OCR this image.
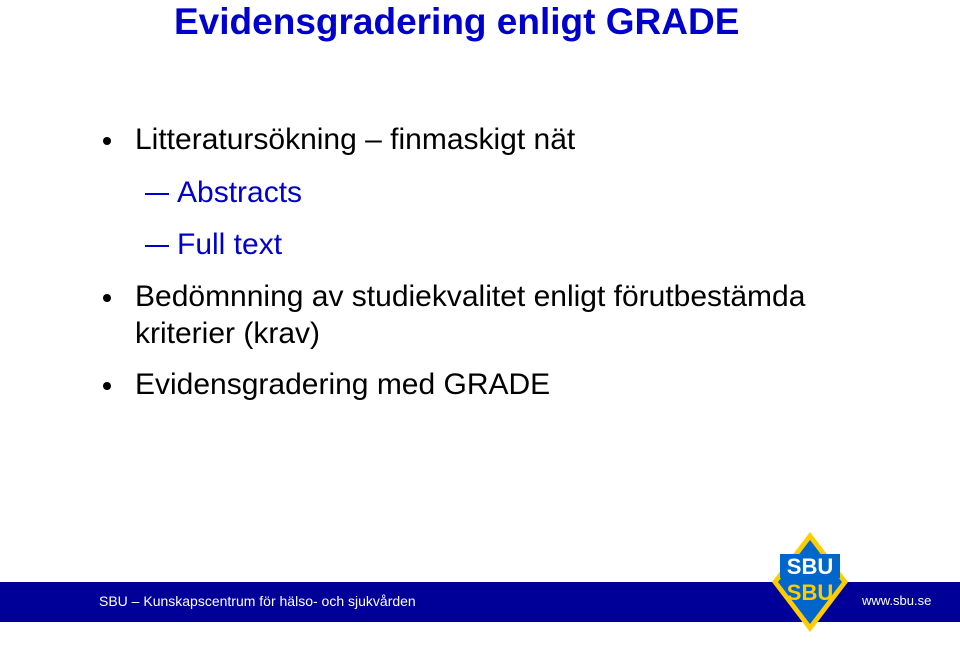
Evidensgradering enligt GRADE
Litteratursökning – finmaskigt nät
Abstracts
Full text
Bedömnning av studiekvalitet enligt förutbestämda
kriterier (krav)
Evidensgradering med GRADE
SBU – Kunskapscentrum för hälso- och sjukvården	www.sbu.se
SBU
SBU
